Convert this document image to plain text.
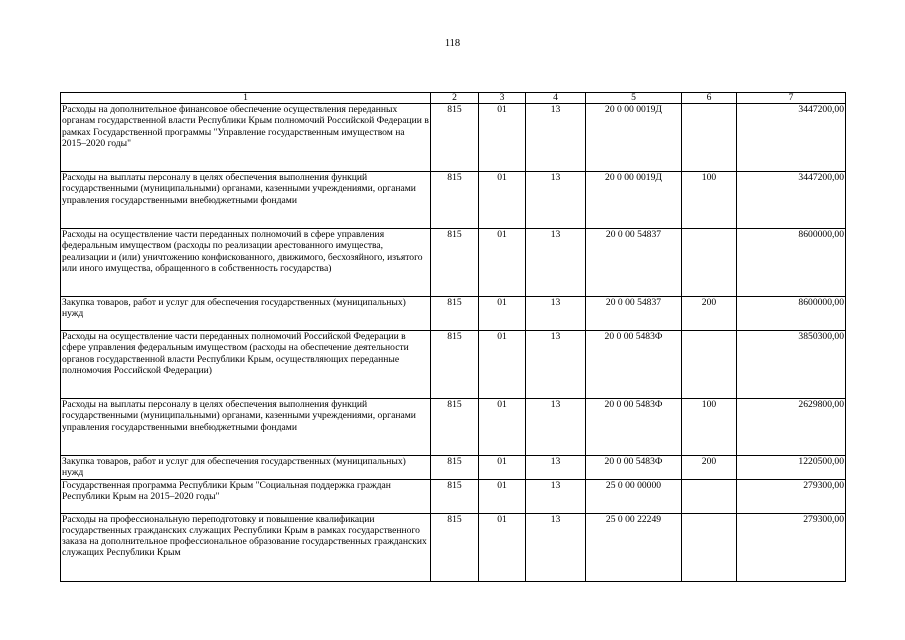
118
1	2	3	4	5	6	7
Расходы на дополнительное финансовое обеспечение осуществления переданных органам государственной власти Республики Крым полномочий Российской Федерации в рамках Государственной программы "Управление государственным имуществом на 2015–2020 годы"	815	01	13	20 0 00 0019Д		3447200,00
Расходы на выплаты персоналу в целях обеспечения выполнения функций государственными (муниципальными) органами, казенными учреждениями, органами управления государственными внебюджетными фондами	815	01	13	20 0 00 0019Д	100	3447200,00
Расходы на осуществление части переданных полномочий в сфере управления федеральным имуществом (расходы по реализации арестованного имущества, реализации и (или) уничтожению конфискованного, движимого, бесхозяйного, изъятого или иного имущества, обращенного в собственность государства)	815	01	13	20 0 00 54837		8600000,00
Закупка товаров, работ и услуг для обеспечения государственных (муниципальных) нужд	815	01	13	20 0 00 54837	200	8600000,00
Расходы на осуществление части переданных полномочий Российской Федерации в сфере управления федеральным имуществом (расходы на обеспечение деятельности органов государственной власти Республики Крым, осуществляющих переданные полномочия Российской Федерации)	815	01	13	20 0 00 5483Ф		3850300,00
Расходы на выплаты персоналу в целях обеспечения выполнения функций государственными (муниципальными) органами, казенными учреждениями, органами управления государственными внебюджетными фондами	815	01	13	20 0 00 5483Ф	100	2629800,00
Закупка товаров, работ и услуг для обеспечения государственных (муниципальных) нужд	815	01	13	20 0 00 5483Ф	200	1220500,00
Государственная программа Республики Крым "Социальная поддержка граждан Республики Крым на 2015–2020 годы"	815	01	13	25 0 00 00000		279300,00
Расходы на профессиональную переподготовку и повышение квалификации государственных гражданских служащих Республики Крым в рамках государственного заказа на дополнительное профессиональное образование государственных гражданских служащих Республики Крым	815	01	13	25 0 00 22249		279300,00
